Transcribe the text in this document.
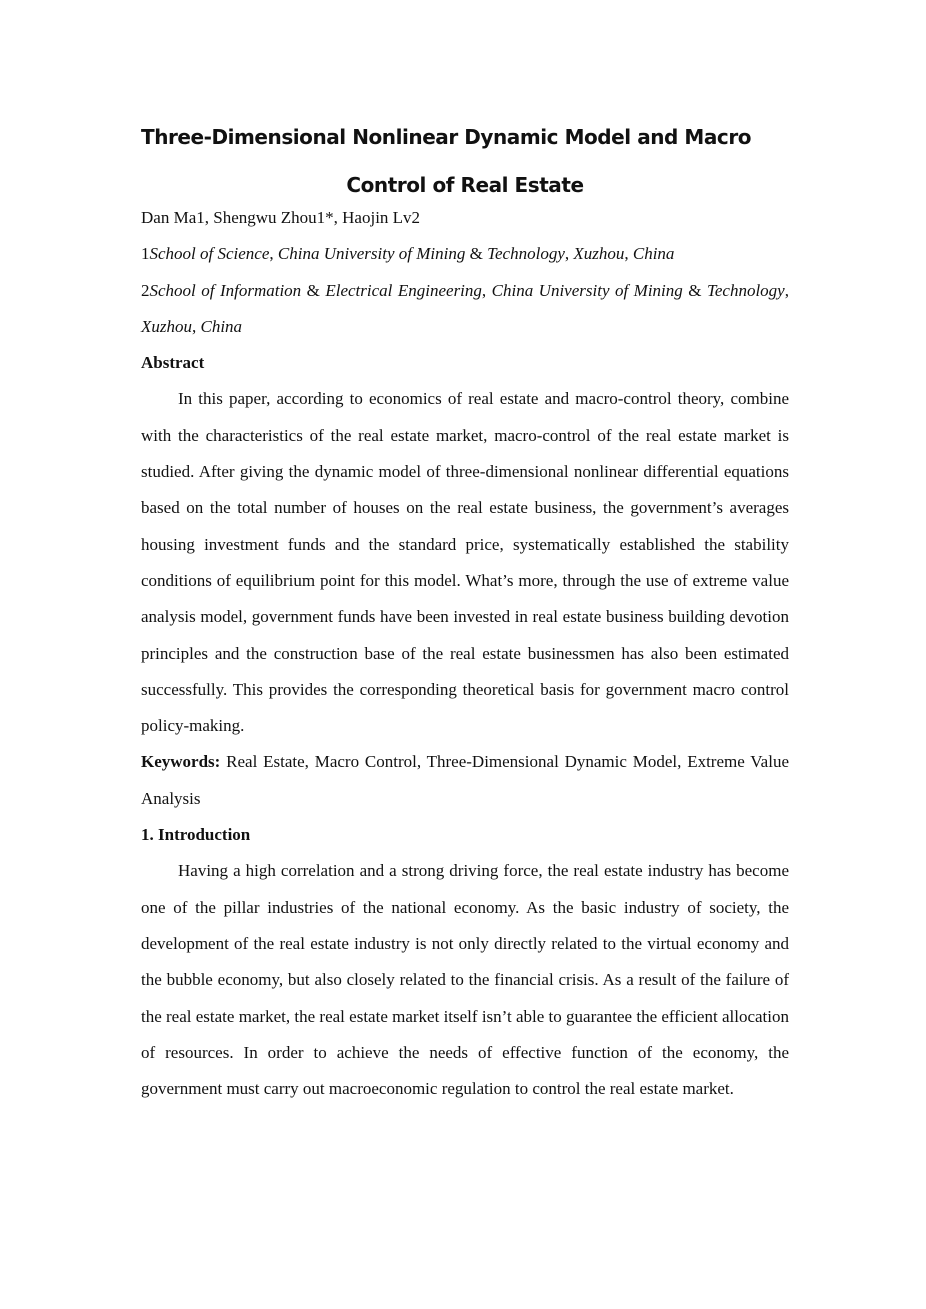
Three-Dimensional Nonlinear Dynamic Model and Macro
Control of Real Estate
Dan Ma1, Shengwu Zhou1*, Haojin Lv2
1School of Science, China University of Mining & Technology, Xuzhou, China
2School of Information & Electrical Engineering, China University of Mining & Technology, Xuzhou, China
Abstract

In this paper, according to economics of real estate and macro-control theory, combine with the characteristics of the real estate market, macro-control of the real estate market is studied. After giving the dynamic model of three-dimensional nonlinear differential equations based on the total number of houses on the real estate business, the government’s averages housing investment funds and the standard price, systematically established the stability conditions of equilibrium point for this model. What’s more, through the use of extreme value analysis model, government funds have been invested in real estate business building devotion principles and the construction base of the real estate businessmen has also been estimated successfully. This provides the corresponding theoretical basis for government macro control policy-making.

Keywords: Real Estate, Macro Control, Three-Dimensional Dynamic Model, Extreme Value Analysis

1. Introduction

Having a high correlation and a strong driving force, the real estate industry has become one of the pillar industries of the national economy. As the basic industry of society, the development of the real estate industry is not only directly related to the virtual economy and the bubble economy, but also closely related to the financial crisis. As a result of the failure of the real estate market, the real estate market itself isn’t able to guarantee the efficient allocation of resources. In order to achieve the needs of effective function of the economy, the government must carry out macroeconomic regulation to control the real estate market.
